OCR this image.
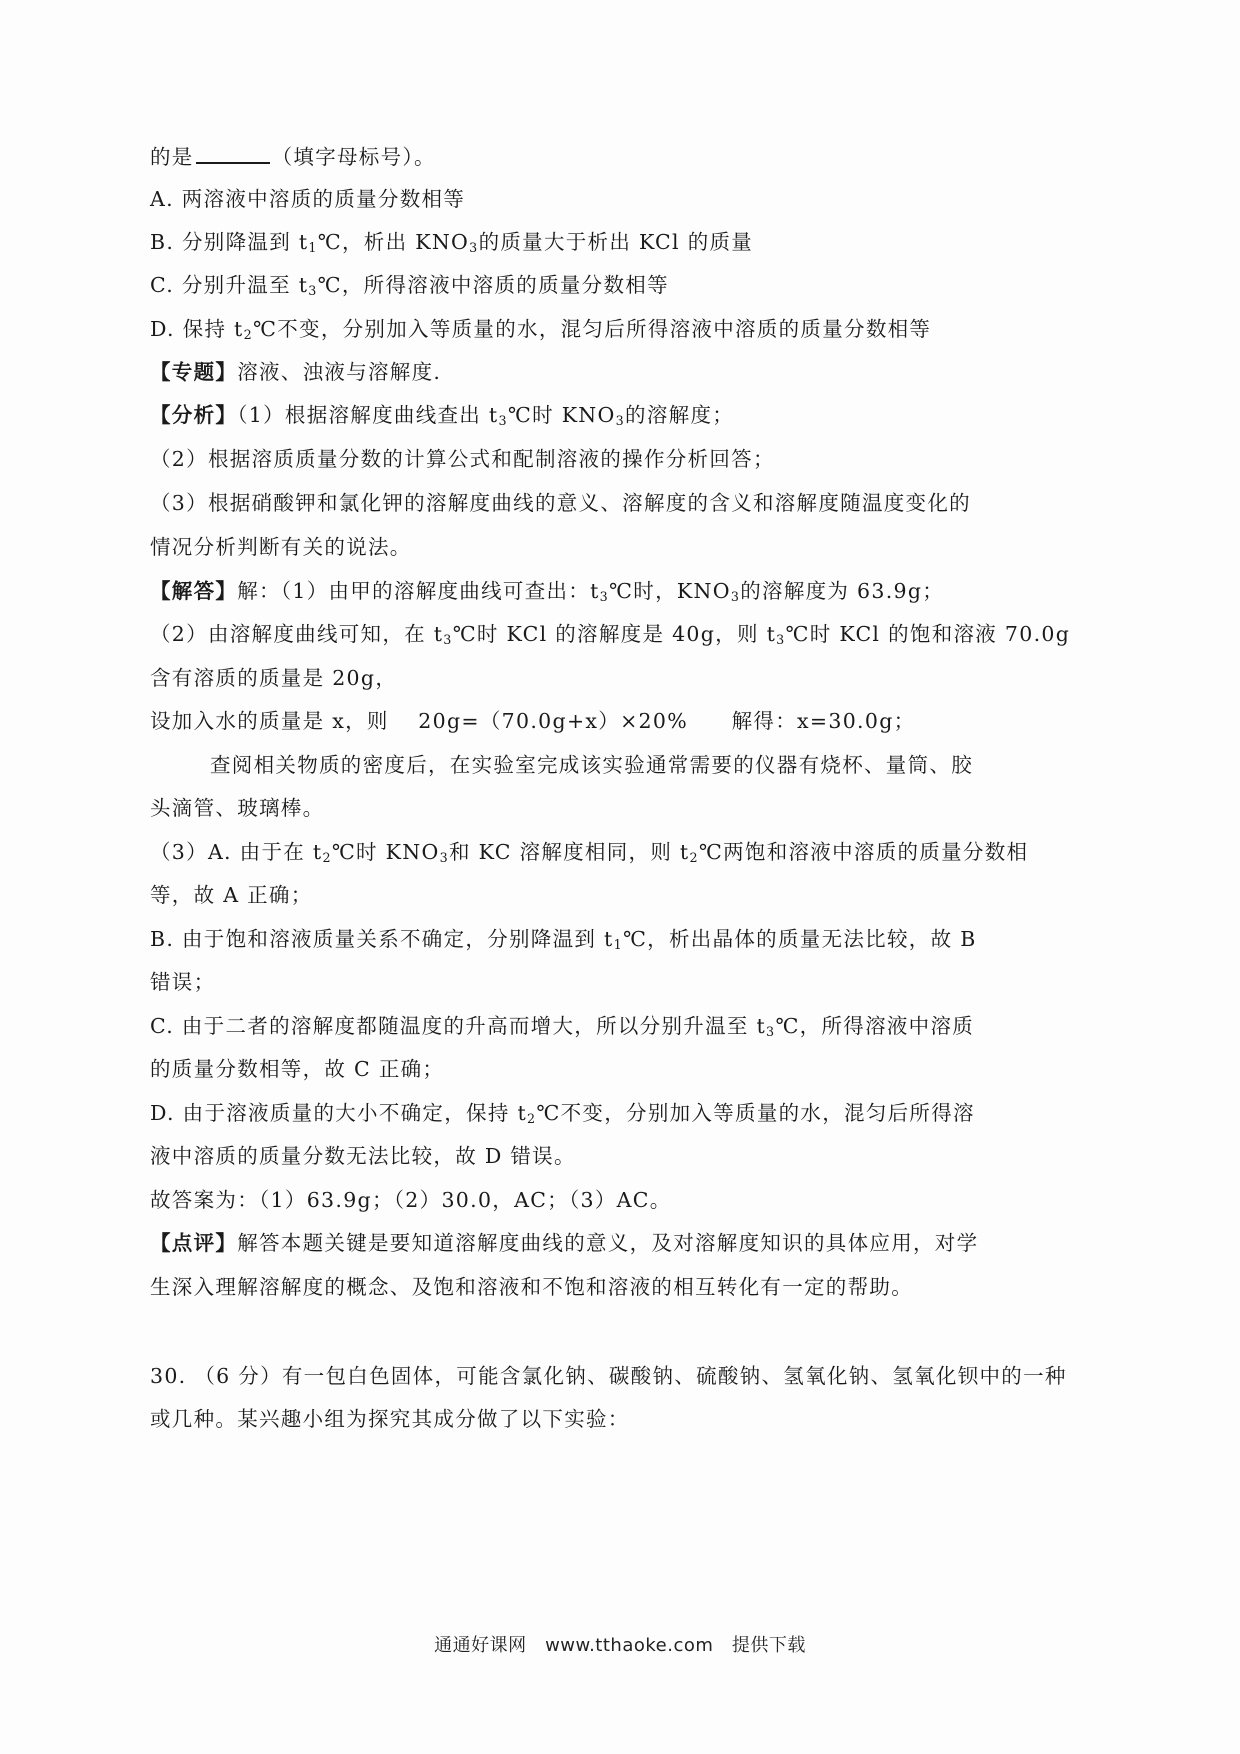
的是	（填字母标号）。
A. 两溶液中溶质的质量分数相等
B. 分别降温到 $t_1℃$，析出 $KNO_3$的质量大于析出 KCl 的质量
C. 分别升温至 $t_3℃$，所得溶液中溶质的质量分数相等
D. 保持 $t_2℃$不变，分别加入等质量的水，混匀后所得溶液中溶质的质量分数相等
【专题】溶液、浊液与溶解度.
【分析】（1）根据溶解度曲线查出 $t_3℃$时 $KNO_3$的溶解度；
（2）根据溶质质量分数的计算公式和配制溶液的操作分析回答；
（3）根据硝酸钾和氯化钾的溶解度曲线的意义、溶解度的含义和溶解度随温度变化的
情况分析判断有关的说法。
【解答】解：（1）由甲的溶解度曲线可查出：$t_3℃$时，$KNO_3$的溶解度为 63.9g；
（2）由溶解度曲线可知，在 $t_3℃$时 KCl 的溶解度是 40g，则 $t_3℃$时 KCl 的饱和溶液 70.0g
含有溶质的质量是 20g，
设加入水的质量是 x，则　 20g=（70.0g+x）×20%　　解得：x=30.0g；
查阅相关物质的密度后，在实验室完成该实验通常需要的仪器有烧杯、量筒、胶
头滴管、玻璃棒。
（3）A. 由于在 $t_2℃$时 $KNO_3$和 KC 溶解度相同，则 $t_2℃$两饱和溶液中溶质的质量分数相
等，故 A 正确；
B. 由于饱和溶液质量关系不确定，分别降温到 $t_1℃$，析出晶体的质量无法比较，故 B
错误；
C. 由于二者的溶解度都随温度的升高而增大，所以分别升温至 $t_3℃$，所得溶液中溶质
的质量分数相等，故 C 正确；
D. 由于溶液质量的大小不确定，保持 $t_2℃$不变，分别加入等质量的水，混匀后所得溶
液中溶质的质量分数无法比较，故 D 错误。
故答案为：（1）63.9g；（2）30.0，AC；（3）AC。
【点评】解答本题关键是要知道溶解度曲线的意义，及对溶解度知识的具体应用，对学
生深入理解溶解度的概念、及饱和溶液和不饱和溶液的相互转化有一定的帮助。
30. （6 分）有一包白色固体，可能含氯化钠、碳酸钠、硫酸钠、氢氧化钠、氢氧化钡中的一种
或几种。某兴趣小组为探究其成分做了以下实验：
通通好课网　www.tthaoke.com　提供下载
